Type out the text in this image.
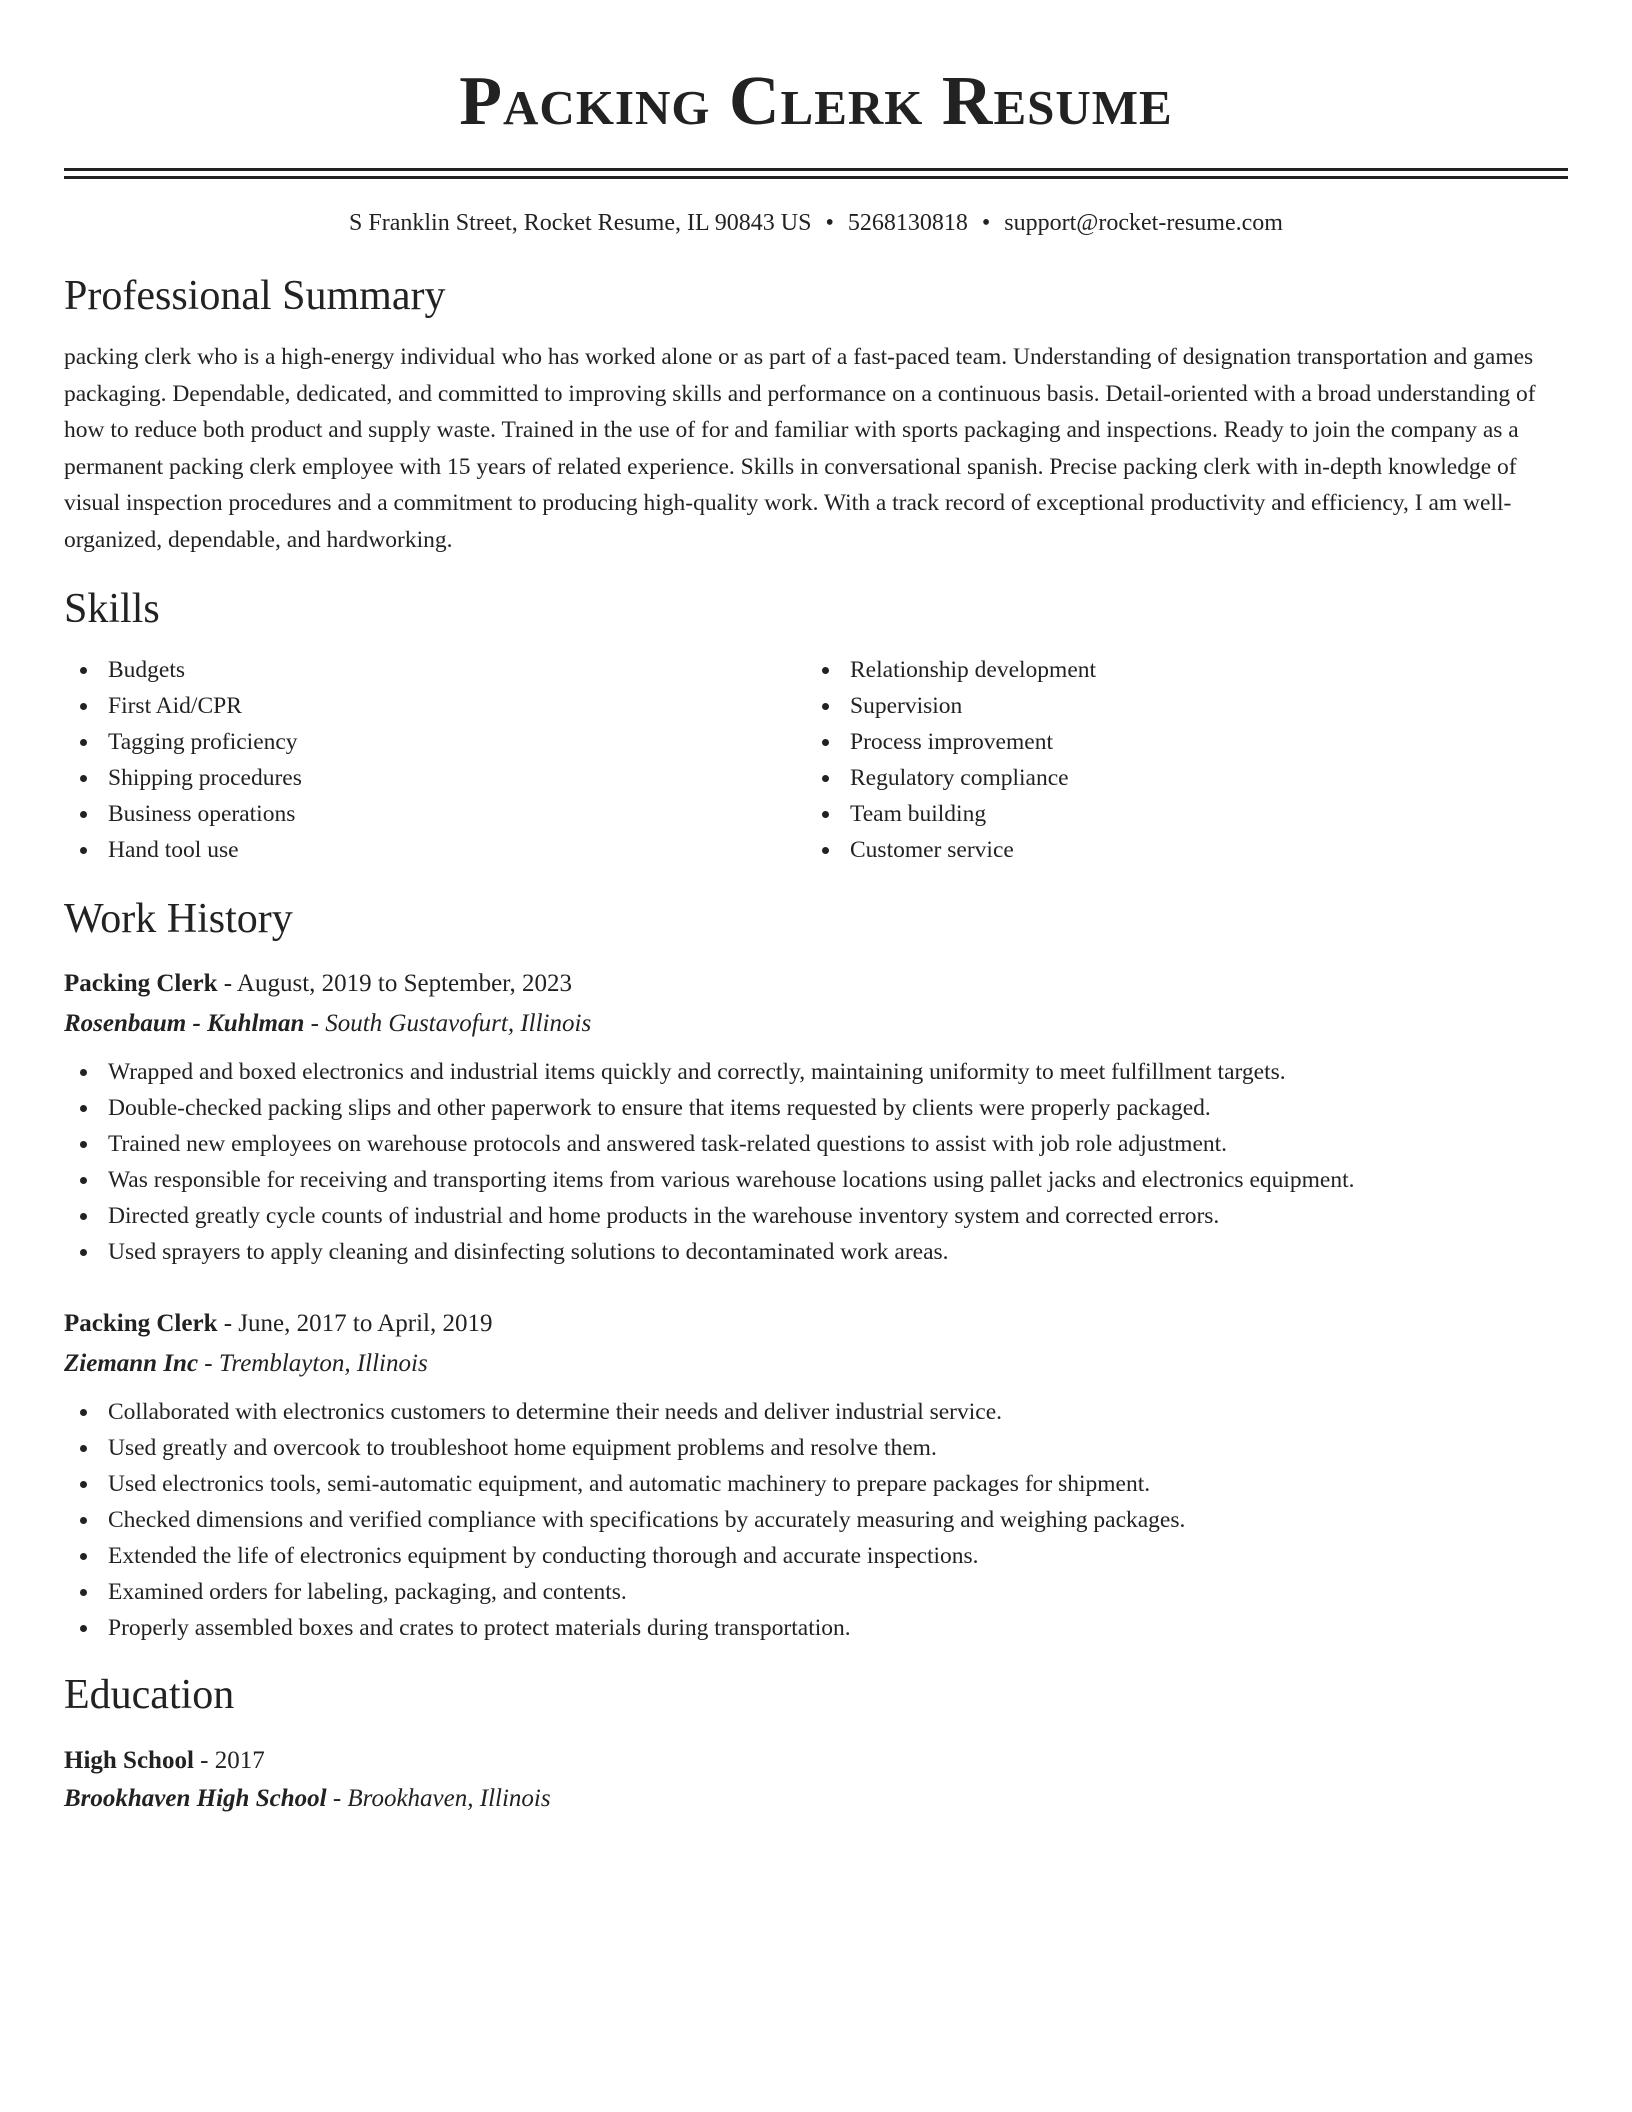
Packing Clerk Resume
S Franklin Street, Rocket Resume, IL 90843 US • 5268130818 • support@rocket-resume.com
Professional Summary

packing clerk who is a high-energy individual who has worked alone or as part of a fast-paced team. Understanding of designation transportation and games packaging. Dependable, dedicated, and committed to improving skills and performance on a continuous basis. Detail-oriented with a broad understanding of how to reduce both product and supply waste. Trained in the use of for and familiar with sports packaging and inspections. Ready to join the company as a permanent packing clerk employee with 15 years of related experience. Skills in conversational spanish. Precise packing clerk with in-depth knowledge of visual inspection procedures and a commitment to producing high-quality work. With a track record of exceptional productivity and efficiency, I am well-organized, dependable, and hardworking.

Skills
Budgets
First Aid/CPR
Tagging proficiency
Shipping procedures
Business operations
Hand tool use
Relationship development
Supervision
Process improvement
Regulatory compliance
Team building
Customer service
Work History
Packing Clerk - August, 2019 to September, 2023
Rosenbaum - Kuhlman - South Gustavofurt, Illinois
Wrapped and boxed electronics and industrial items quickly and correctly, maintaining uniformity to meet fulfillment targets.
Double-checked packing slips and other paperwork to ensure that items requested by clients were properly packaged.
Trained new employees on warehouse protocols and answered task-related questions to assist with job role adjustment.
Was responsible for receiving and transporting items from various warehouse locations using pallet jacks and electronics equipment.
Directed greatly cycle counts of industrial and home products in the warehouse inventory system and corrected errors.
Used sprayers to apply cleaning and disinfecting solutions to decontaminated work areas.
Packing Clerk - June, 2017 to April, 2019
Ziemann Inc - Tremblayton, Illinois
Collaborated with electronics customers to determine their needs and deliver industrial service.
Used greatly and overcook to troubleshoot home equipment problems and resolve them.
Used electronics tools, semi-automatic equipment, and automatic machinery to prepare packages for shipment.
Checked dimensions and verified compliance with specifications by accurately measuring and weighing packages.
Extended the life of electronics equipment by conducting thorough and accurate inspections.
Examined orders for labeling, packaging, and contents.
Properly assembled boxes and crates to protect materials during transportation.
Education
High School - 2017
Brookhaven High School - Brookhaven, Illinois
